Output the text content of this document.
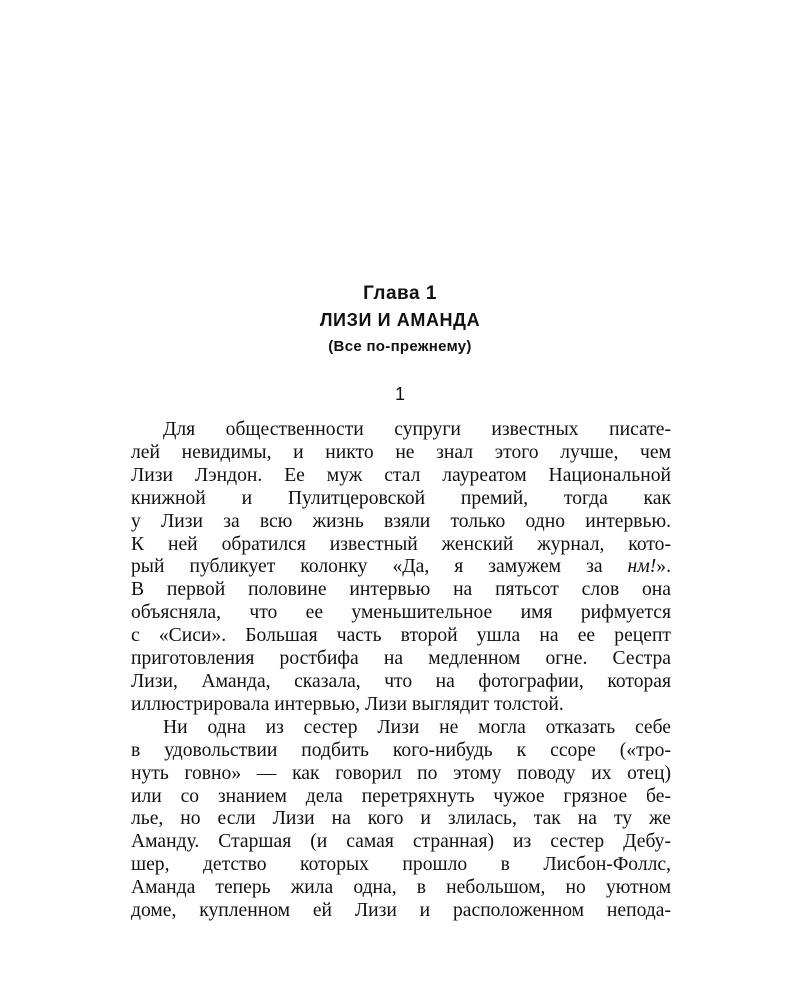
Глава 1
ЛИЗИ И АМАНДА
(Все по-прежнему)
1
Для общественности супруги известных писате-
лей невидимы, и никто не знал этого лучше, чем
Лизи Лэндон. Ее муж стал лауреатом Национальной
книжной и Пулитцеровской премий, тогда как
у Лизи за всю жизнь взяли только одно интервью.
К ней обратился известный женский журнал, кото-
рый публикует колонку «Да, я замужем за нм!».
В первой половине интервью на пятьсот слов она
объясняла, что ее уменьшительное имя рифмуется
с «Сиси». Большая часть второй ушла на ее рецепт
приготовления ростбифа на медленном огне. Сестра
Лизи, Аманда, сказала, что на фотографии, которая
иллюстрировала интервью, Лизи выглядит толстой.
Ни одна из сестер Лизи не могла отказать себе
в удовольствии подбить кого-нибудь к ссоре («тро-
нуть говно» — как говорил по этому поводу их отец)
или со знанием дела перетряхнуть чужое грязное бе-
лье, но если Лизи на кого и злилась, так на ту же
Аманду. Старшая (и самая странная) из сестер Дебу-
шер, детство которых прошло в Лисбон-Фоллс,
Аманда теперь жила одна, в небольшом, но уютном
доме, купленном ей Лизи и расположенном непода-
